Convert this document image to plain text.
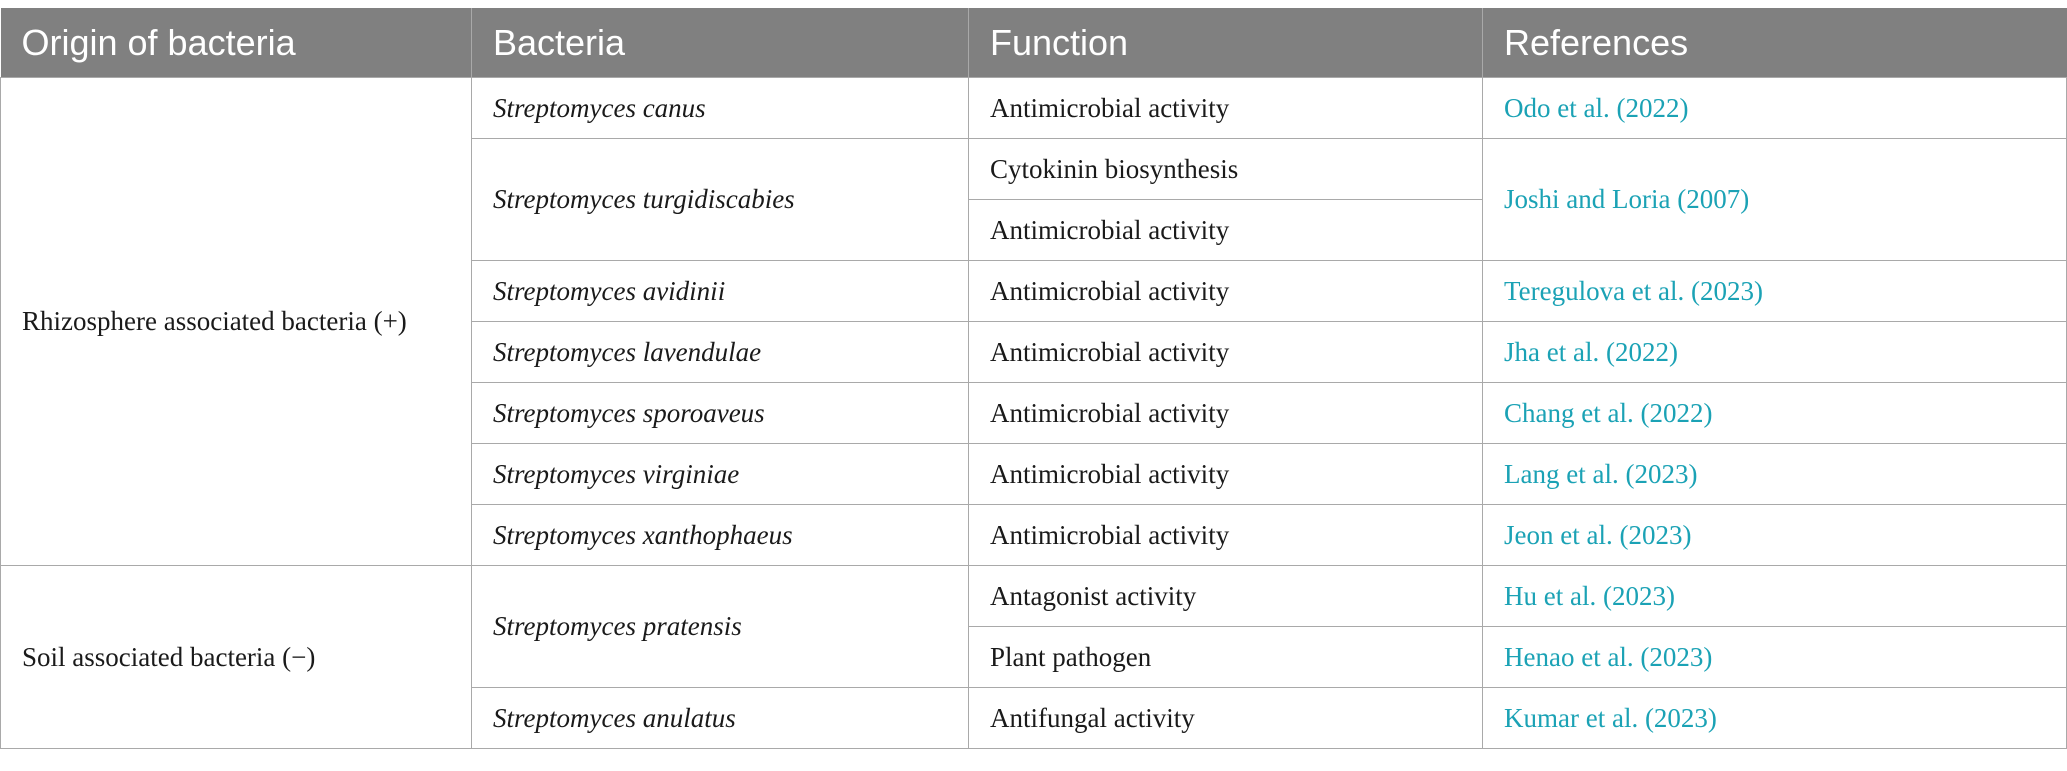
Origin of bacteria	Bacteria	Function	References
Rhizosphere associated bacteria (+)	Streptomyces canus	Antimicrobial activity	Odo et al. (2022)
	Streptomyces turgidiscabies	Cytokinin biosynthesis	Joshi and Loria (2007)
		Antimicrobial activity	
	Streptomyces avidinii	Antimicrobial activity	Teregulova et al. (2023)
	Streptomyces lavendulae	Antimicrobial activity	Jha et al. (2022)
	Streptomyces sporoaveus	Antimicrobial activity	Chang et al. (2022)
	Streptomyces virginiae	Antimicrobial activity	Lang et al. (2023)
	Streptomyces xanthophaeus	Antimicrobial activity	Jeon et al. (2023)
Soil associated bacteria (−)	Streptomyces pratensis	Antagonist activity	Hu et al. (2023)
		Plant pathogen	Henao et al. (2023)
	Streptomyces anulatus	Antifungal activity	Kumar et al. (2023)
